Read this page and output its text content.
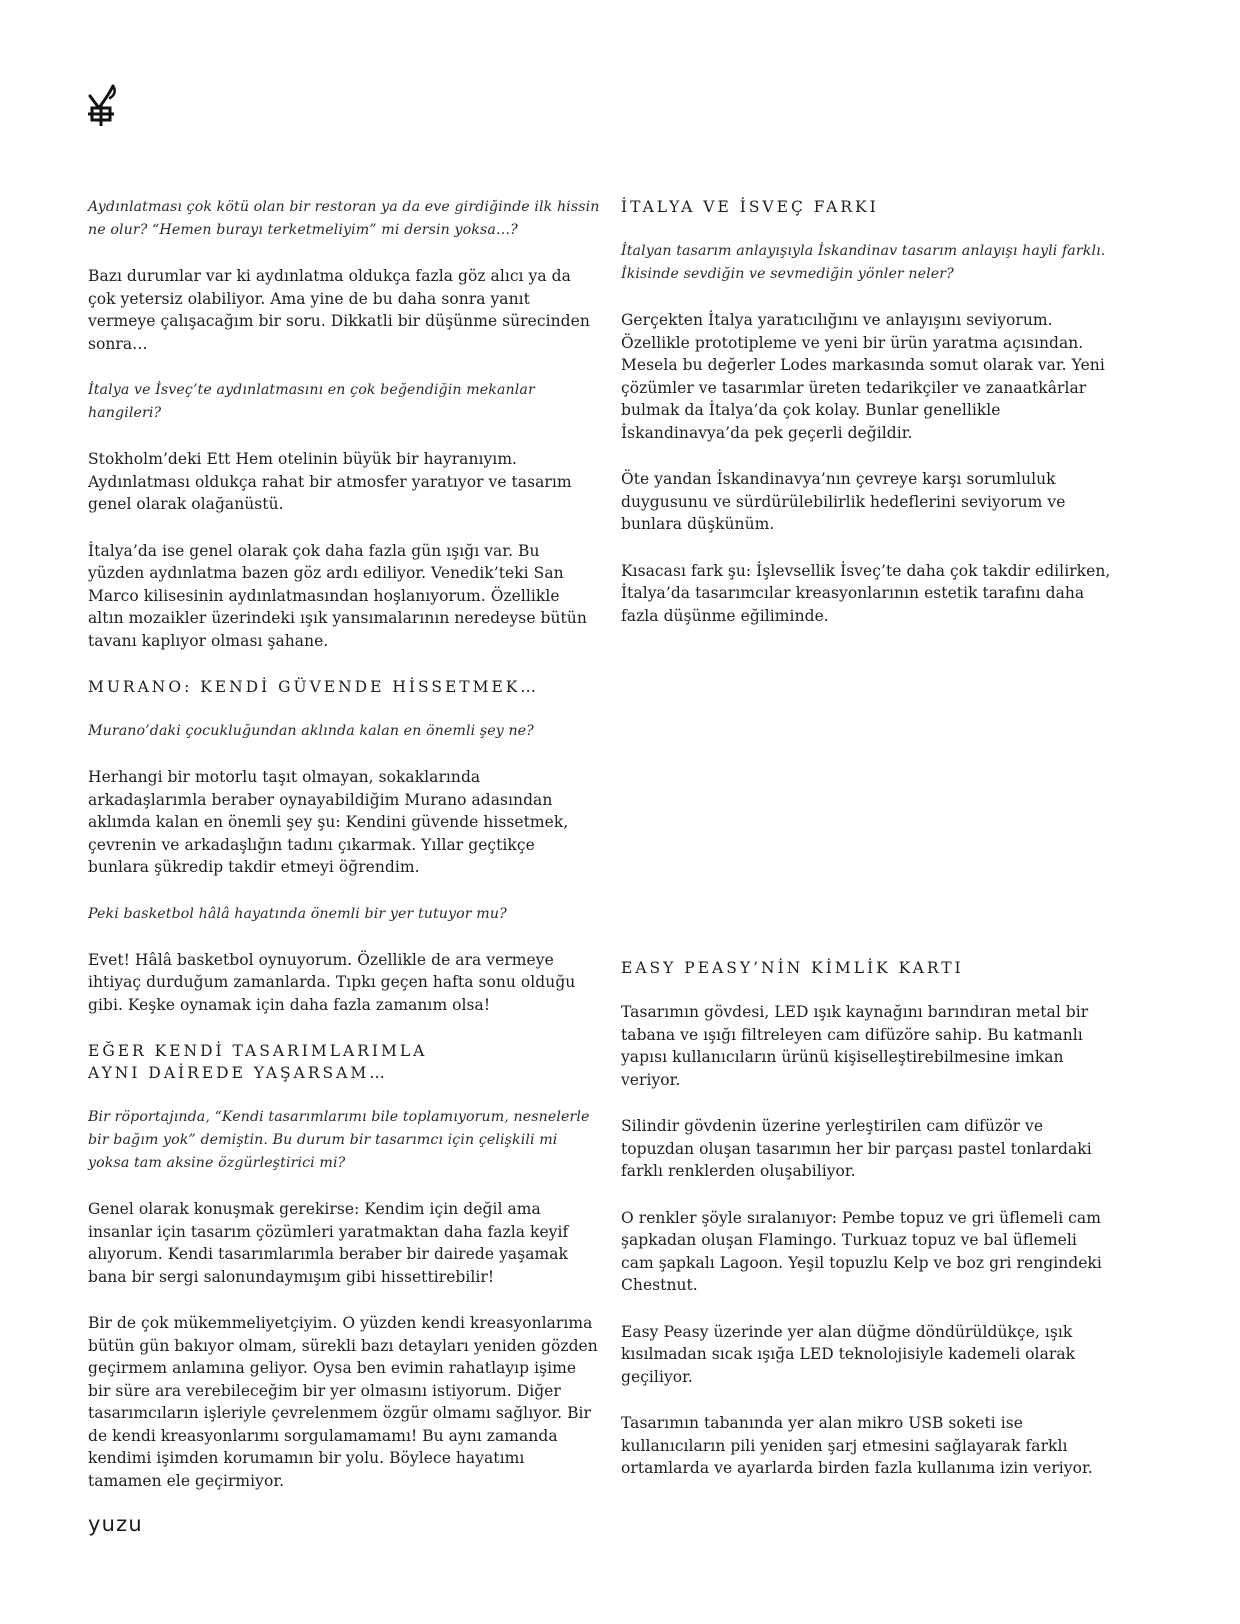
Aydınlatması çok kötü olan bir restoran ya da eve girdiğinde ilk hissin ne olur? “Hemen burayı terketmeliyim” mi dersin yoksa…?

Bazı durumlar var ki aydınlatma oldukça fazla göz alıcı ya da çok yetersiz olabiliyor. Ama yine de bu daha sonra yanıt vermeye çalışacağım bir soru. Dikkatli bir düşünme sürecinden sonra…

İtalya ve İsveç’te aydınlatmasını en çok beğendiğin mekanlar hangileri?

Stokholm’deki Ett Hem otelinin büyük bir hayranıyım. Aydınlatması oldukça rahat bir atmosfer yaratıyor ve tasarım genel olarak olağanüstü.

İtalya’da ise genel olarak çok daha fazla gün ışığı var. Bu yüzden aydınlatma bazen göz ardı ediliyor. Venedik’teki San Marco kilisesinin aydınlatmasından hoşlanıyorum. Özellikle altın mozaikler üzerindeki ışık yansımalarının neredeyse bütün tavanı kaplıyor olması şahane.

MURANO: KENDİ GÜVENDE HİSSETMEK…

Murano’daki çocukluğundan aklında kalan en önemli şey ne?

Herhangi bir motorlu taşıt olmayan, sokaklarında arkadaşlarımla beraber oynayabildiğim Murano adasından aklımda kalan en önemli şey şu: Kendini güvende hissetmek, çevrenin ve arkadaşlığın tadını çıkarmak. Yıllar geçtikçe bunlara şükredip takdir etmeyi öğrendim.

Peki basketbol hâlâ hayatında önemli bir yer tutuyor mu?

Evet! Hâlâ basketbol oynuyorum. Özellikle de ara vermeye ihtiyaç durduğum zamanlarda. Tıpkı geçen hafta sonu olduğu gibi. Keşke oynamak için daha fazla zamanım olsa!

EĞER KENDİ TASARIMLARIMLA
AYNI DAİREDE YAŞARSAM…

Bir röportajında, “Kendi tasarımlarımı bile toplamıyorum, nesnelerle bir bağım yok” demiştin. Bu durum bir tasarımcı için çelişkili mi yoksa tam aksine özgürleştirici mi?

Genel olarak konuşmak gerekirse: Kendim için değil ama insanlar için tasarım çözümleri yaratmaktan daha fazla keyif alıyorum. Kendi tasarımlarımla beraber bir dairede yaşamak bana bir sergi salonundaymışım gibi hissettirebilir!

Bir de çok mükemmeliyetçiyim. O yüzden kendi kreasyonlarıma bütün gün bakıyor olmam, sürekli bazı detayları yeniden gözden geçirmem anlamına geliyor. Oysa ben evimin rahatlayıp işime bir süre ara verebileceğim bir yer olmasını istiyorum. Diğer tasarımcıların işleriyle çevrelenmem özgür olmamı sağlıyor. Bir de kendi kreasyonlarımı sorgulamamamı! Bu aynı zamanda kendimi işimden korumamın bir yolu. Böylece hayatımı tamamen ele geçirmiyor.

İTALYA VE İSVEÇ FARKI

İtalyan tasarım anlayışıyla İskandinav tasarım anlayışı hayli farklı. İkisinde sevdiğin ve sevmediğin yönler neler?

Gerçekten İtalya yaratıcılığını ve anlayışını seviyorum. Özellikle prototipleme ve yeni bir ürün yaratma açısından. Mesela bu değerler Lodes markasında somut olarak var. Yeni çözümler ve tasarımlar üreten tedarikçiler ve zanaatkârlar bulmak da İtalya’da çok kolay. Bunlar genellikle İskandinavya’da pek geçerli değildir.

Öte yandan İskandinavya’nın çevreye karşı sorumluluk duygusunu ve sürdürülebilirlik hedeflerini seviyorum ve bunlara düşkünüm.

Kısacası fark şu: İşlevsellik İsveç’te daha çok takdir edilirken, İtalya’da tasarımcılar kreasyonlarının estetik tarafını daha fazla düşünme eğiliminde.

EASY PEASY’NİN KİMLİK KARTI

Tasarımın gövdesi, LED ışık kaynağını barındıran metal bir tabana ve ışığı filtreleyen cam difüzöre sahip. Bu katmanlı yapısı kullanıcıların ürünü kişiselleştirebilmesine imkan veriyor.

Silindir gövdenin üzerine yerleştirilen cam difüzör ve topuzdan oluşan tasarımın her bir parçası pastel tonlardaki farklı renklerden oluşabiliyor.

O renkler şöyle sıralanıyor: Pembe topuz ve gri üflemeli cam şapkadan oluşan Flamingo. Turkuaz topuz ve bal üflemeli cam şapkalı Lagoon. Yeşil topuzlu Kelp ve boz gri rengindeki Chestnut.

Easy Peasy üzerinde yer alan düğme döndürüldükçe, ışık kısılmadan sıcak ışığa LED teknolojisiyle kademeli olarak geçiliyor.

Tasarımın tabanında yer alan mikro USB soketi ise kullanıcıların pili yeniden şarj etmesini sağlayarak farklı ortamlarda ve ayarlarda birden fazla kullanıma izin veriyor.

yuzu
